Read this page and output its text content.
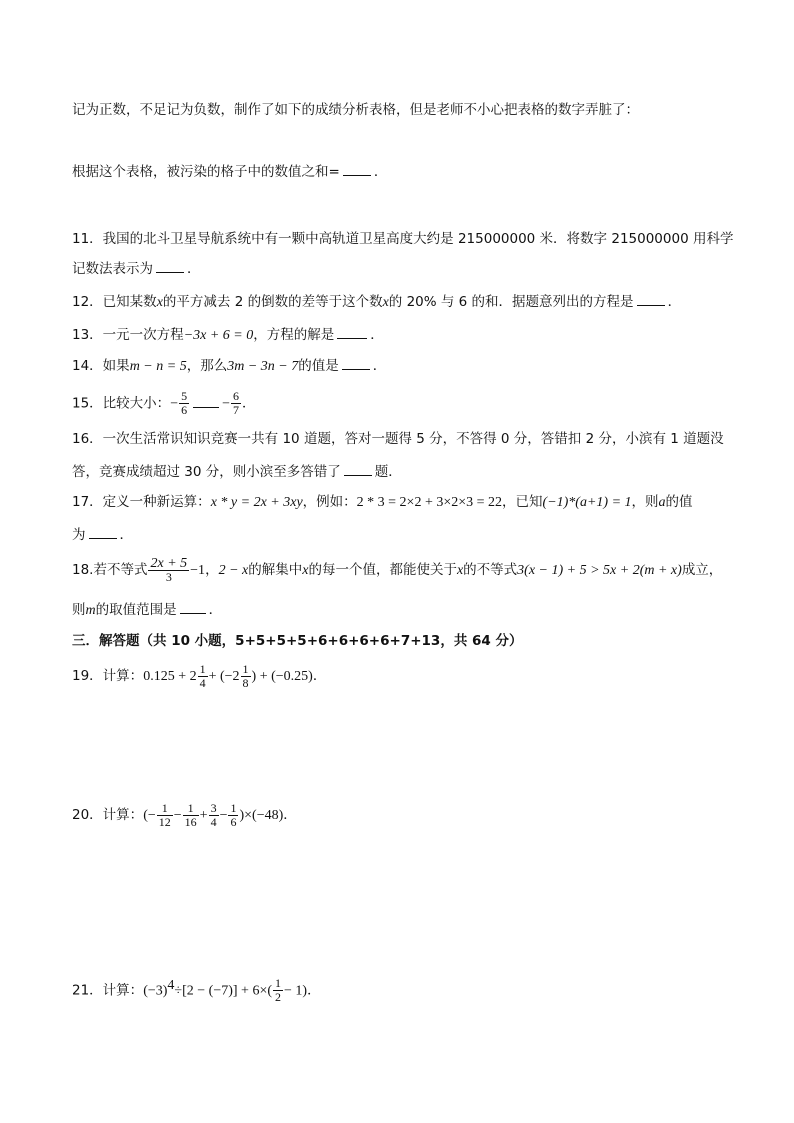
记为正数，不足记为负数，制作了如下的成绩分析表格，但是老师不小心把表格的数字弄脏了：
根据这个表格，被污染的格子中的数值之和=	．
11．我国的北斗卫星导航系统中有一颗中高轨道卫星高度大约是 215000000 米．将数字 215000000 用科学
记数法表示为	．
12．已知某数x的平方减去 2 的倒数的差等于这个数x的 20% 与 6 的和．据题意列出的方程是	．
13．一元一次方程−3x + 6 = 0，方程的解是	．
14．如果m − n = 5，那么3m − 3n − 7的值是	．
15．比较大小：− $\frac{5}{6} - \frac{6}{7}$ ．
16．一次生活常识知识竞赛一共有 10 道题，答对一题得 5 分，不答得 0 分，答错扣 2 分，小滨有 1 道题没
答，竞赛成绩超过 30 分，则小滨至多答错了	题．
17．定义一种新运算：x * y = 2x + 3xy，例如：2 * 3 = 2×2 + 3×2×3 = 22，已知(−1)*(a+1) = 1，则a的值
为	．
18.若不等式 $\frac{2x + 5}{3} -1$，2 − x的解集中x的每一个值，都能使关于x的不等式3(x − 1) + 5 > 5x + 2(m + x)成立，
则m的取值范围是 ．
三．解答题（共 10 小题，5+5+5+5+6+6+6+6+7+13，共 64 分）
19．计算：$0.125 + 2 \frac{1}{4} + (-2 \frac{1}{8}$ ) + (−0.25)．
20．计算：(− $\frac{1}{12} - \frac{1}{16} + \frac{3}{4} - \frac{1}{6} )\times(-48)$．
21．计算：$(-3)^4\div[2 - (-7)] + 6\times( \frac{1}{2} - 1)$．
